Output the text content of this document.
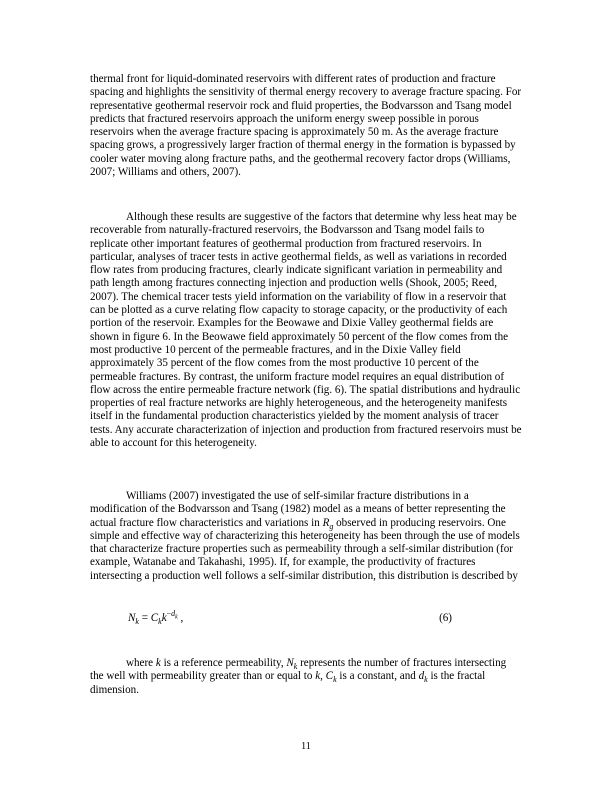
thermal front for liquid-dominated reservoirs with different rates of production and fracture spacing and highlights the sensitivity of thermal energy recovery to average fracture spacing. For representative geothermal reservoir rock and fluid properties, the Bodvarsson and Tsang model predicts that fractured reservoirs approach the uniform energy sweep possible in porous reservoirs when the average fracture spacing is approximately 50 m. As the average fracture spacing grows, a progressively larger fraction of thermal energy in the formation is bypassed by cooler water moving along fracture paths, and the geothermal recovery factor drops (Williams, 2007; Williams and others, 2007).

Although these results are suggestive of the factors that determine why less heat may be recoverable from naturally-fractured reservoirs, the Bodvarsson and Tsang model fails to replicate other important features of geothermal production from fractured reservoirs. In particular, analyses of tracer tests in active geothermal fields, as well as variations in recorded flow rates from producing fractures, clearly indicate significant variation in permeability and path length among fractures connecting injection and production wells (Shook, 2005; Reed, 2007). The chemical tracer tests yield information on the variability of flow in a reservoir that can be plotted as a curve relating flow capacity to storage capacity, or the productivity of each portion of the reservoir. Examples for the Beowawe and Dixie Valley geothermal fields are shown in figure 6. In the Beowawe field approximately 50 percent of the flow comes from the most productive 10 percent of the permeable fractures, and in the Dixie Valley field approximately 35 percent of the flow comes from the most productive 10 percent of the permeable fractures. By contrast, the uniform fracture model requires an equal distribution of flow across the entire permeable fracture network (fig. 6). The spatial distributions and hydraulic properties of real fracture networks are highly heterogeneous, and the heterogeneity manifests itself in the fundamental production characteristics yielded by the moment analysis of tracer tests. Any accurate characterization of injection and production from fractured reservoirs must be able to account for this heterogeneity.

Williams (2007) investigated the use of self-similar fracture distributions in a modification of the Bodvarsson and Tsang (1982) model as a means of better representing the actual fracture flow characteristics and variations in $R_g$ observed in producing reservoirs. One simple and effective way of characterizing this heterogeneity has been through the use of models that characterize fracture properties such as permeability through a self-similar distribution (for example, Watanabe and Takahashi, 1995). If, for example, the productivity of fractures intersecting a production well follows a self-similar distribution, this distribution is described by

$N_k = C_kk^{-d_k}$ ,	(6)

where k is a reference permeability, $N_k$ represents the number of fractures intersecting the well with permeability greater than or equal to k, $C_k$ is a constant, and $d_k$ is the fractal dimension.

11
